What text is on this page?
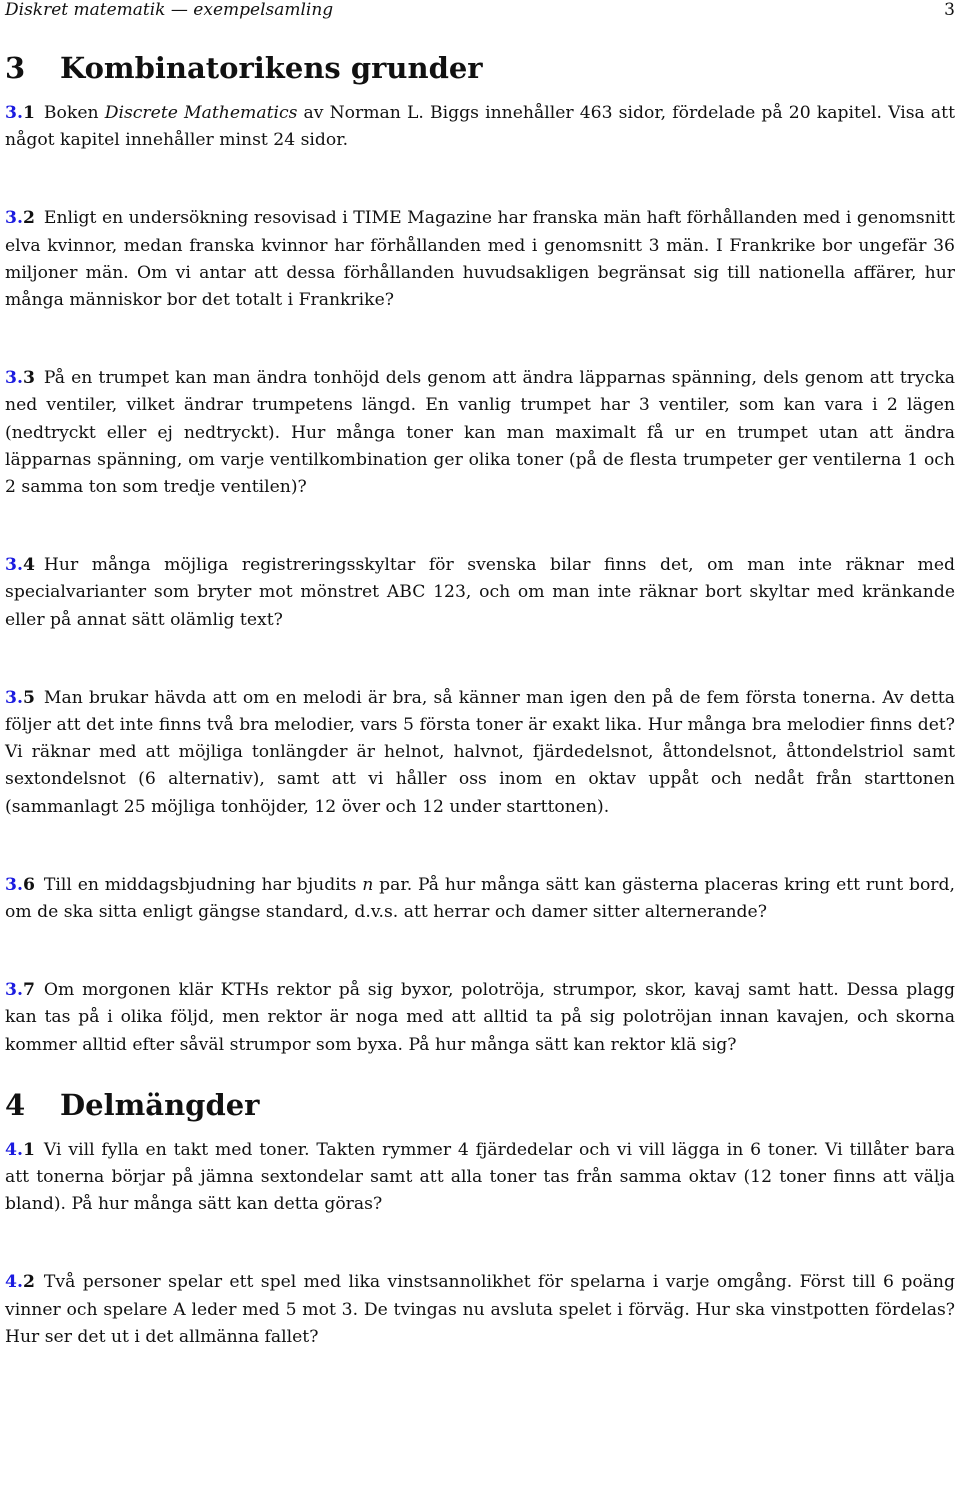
Diskret matematik — exempelsamling	3
3 Kombinatorikens grunder

3.1 Boken Discrete Mathematics av Norman L. Biggs innehåller 463 sidor, fördelade på 20 kapitel. Visa att något kapitel innehåller minst 24 sidor.

3.2 Enligt en undersökning resovisad i TIME Magazine har franska män haft förhållanden med i genomsnitt elva kvinnor, medan franska kvinnor har förhållanden med i genomsnitt 3 män. I Frankrike bor ungefär 36 miljoner män. Om vi antar att dessa förhållanden huvudsakligen begränsat sig till nationella affärer, hur många människor bor det totalt i Frankrike?

3.3 På en trumpet kan man ändra tonhöjd dels genom att ändra läpparnas spänning, dels genom att trycka ned ventiler, vilket ändrar trumpetens längd. En vanlig trumpet har 3 ventiler, som kan vara i 2 lägen (nedtryckt eller ej nedtryckt). Hur många toner kan man maximalt få ur en trumpet utan att ändra läpparnas spänning, om varje ventilkombination ger olika toner (på de flesta trumpeter ger ventilerna 1 och 2 samma ton som tredje ventilen)?

3.4 Hur många möjliga registreringsskyltar för svenska bilar finns det, om man inte räknar med specialvarianter som bryter mot mönstret ABC 123, och om man inte räknar bort skyltar med kränkande eller på annat sätt olämlig text?

3.5 Man brukar hävda att om en melodi är bra, så känner man igen den på de fem första tonerna. Av detta följer att det inte finns två bra melodier, vars 5 första toner är exakt lika. Hur många bra melodier finns det? Vi räknar med att möjliga tonlängder är helnot, halvnot, fjärdedelsnot, åttondelsnot, åttondelstriol samt sextondelsnot (6 alternativ), samt att vi håller oss inom en oktav uppåt och nedåt från starttonen (sammanlagt 25 möjliga tonhöjder, 12 över och 12 under starttonen).

3.6 Till en middagsbjudning har bjudits n par. På hur många sätt kan gästerna placeras kring ett runt bord, om de ska sitta enligt gängse standard, d.v.s. att herrar och damer sitter alternerande?

3.7 Om morgonen klär KTHs rektor på sig byxor, polotröja, strumpor, skor, kavaj samt hatt. Dessa plagg kan tas på i olika följd, men rektor är noga med att alltid ta på sig polotröjan innan kavajen, och skorna kommer alltid efter såväl strumpor som byxa. På hur många sätt kan rektor klä sig?

4 Delmängder

4.1 Vi vill fylla en takt med toner. Takten rymmer 4 fjärdedelar och vi vill lägga in 6 toner. Vi tillåter bara att tonerna börjar på jämna sextondelar samt att alla toner tas från samma oktav (12 toner finns att välja bland). På hur många sätt kan detta göras?

4.2 Två personer spelar ett spel med lika vinstsannolikhet för spelarna i varje omgång. Först till 6 poäng vinner och spelare A leder med 5 mot 3. De tvingas nu avsluta spelet i förväg. Hur ska vinstpotten fördelas? Hur ser det ut i det allmänna fallet?
